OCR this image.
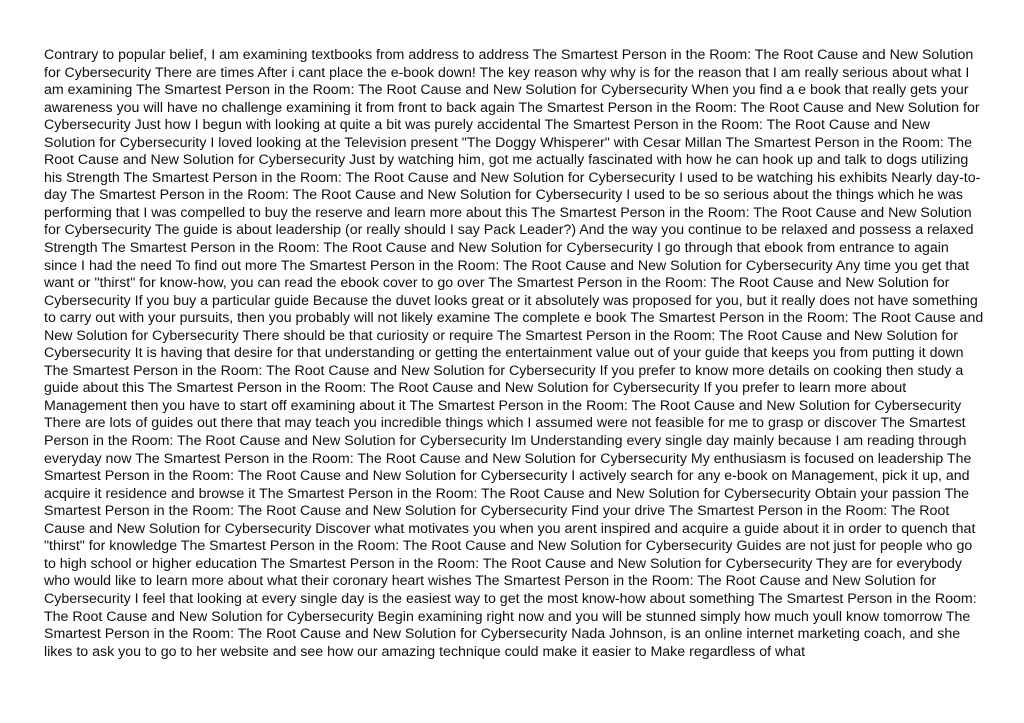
Contrary to popular belief, I am examining textbooks from address to address The Smartest Person in the Room: The Root Cause and New Solution for Cybersecurity There are times After i cant place the e-book down! The key reason why why is for the reason that I am really serious about what I am examining The Smartest Person in the Room: The Root Cause and New Solution for Cybersecurity When you find a e book that really gets your awareness you will have no challenge examining it from front to back again The Smartest Person in the Room: The Root Cause and New Solution for Cybersecurity Just how I begun with looking at quite a bit was purely accidental The Smartest Person in the Room: The Root Cause and New Solution for Cybersecurity I loved looking at the Television present "The Doggy Whisperer" with Cesar Millan The Smartest Person in the Room: The Root Cause and New Solution for Cybersecurity Just by watching him, got me actually fascinated with how he can hook up and talk to dogs utilizing his Strength The Smartest Person in the Room: The Root Cause and New Solution for Cybersecurity I used to be watching his exhibits Nearly day-to-day The Smartest Person in the Room: The Root Cause and New Solution for Cybersecurity I used to be so serious about the things which he was performing that I was compelled to buy the reserve and learn more about this The Smartest Person in the Room: The Root Cause and New Solution for Cybersecurity The guide is about leadership (or really should I say Pack Leader?) And the way you continue to be relaxed and possess a relaxed Strength The Smartest Person in the Room: The Root Cause and New Solution for Cybersecurity I go through that ebook from entrance to again since I had the need To find out more The Smartest Person in the Room: The Root Cause and New Solution for Cybersecurity Any time you get that want or "thirst" for know-how, you can read the ebook cover to go over The Smartest Person in the Room: The Root Cause and New Solution for Cybersecurity If you buy a particular guide Because the duvet looks great or it absolutely was proposed for you, but it really does not have something to carry out with your pursuits, then you probably will not likely examine The complete e book The Smartest Person in the Room: The Root Cause and New Solution for Cybersecurity There should be that curiosity or require The Smartest Person in the Room: The Root Cause and New Solution for Cybersecurity It is having that desire for that understanding or getting the entertainment value out of your guide that keeps you from putting it down The Smartest Person in the Room: The Root Cause and New Solution for Cybersecurity If you prefer to know more details on cooking then study a guide about this The Smartest Person in the Room: The Root Cause and New Solution for Cybersecurity If you prefer to learn more about Management then you have to start off examining about it The Smartest Person in the Room: The Root Cause and New Solution for Cybersecurity There are lots of guides out there that may teach you incredible things which I assumed were not feasible for me to grasp or discover The Smartest Person in the Room: The Root Cause and New Solution for Cybersecurity Im Understanding every single day mainly because I am reading through everyday now The Smartest Person in the Room: The Root Cause and New Solution for Cybersecurity My enthusiasm is focused on leadership The Smartest Person in the Room: The Root Cause and New Solution for Cybersecurity I actively search for any e-book on Management, pick it up, and acquire it residence and browse it The Smartest Person in the Room: The Root Cause and New Solution for Cybersecurity Obtain your passion The Smartest Person in the Room: The Root Cause and New Solution for Cybersecurity Find your drive The Smartest Person in the Room: The Root Cause and New Solution for Cybersecurity Discover what motivates you when you arent inspired and acquire a guide about it in order to quench that "thirst" for knowledge The Smartest Person in the Room: The Root Cause and New Solution for Cybersecurity Guides are not just for people who go to high school or higher education The Smartest Person in the Room: The Root Cause and New Solution for Cybersecurity They are for everybody who would like to learn more about what their coronary heart wishes The Smartest Person in the Room: The Root Cause and New Solution for Cybersecurity I feel that looking at every single day is the easiest way to get the most know-how about something The Smartest Person in the Room: The Root Cause and New Solution for Cybersecurity Begin examining right now and you will be stunned simply how much youll know tomorrow The Smartest Person in the Room: The Root Cause and New Solution for Cybersecurity Nada Johnson, is an online internet marketing coach, and she likes to ask you to go to her website and see how our amazing technique could make it easier to Make regardless of what
